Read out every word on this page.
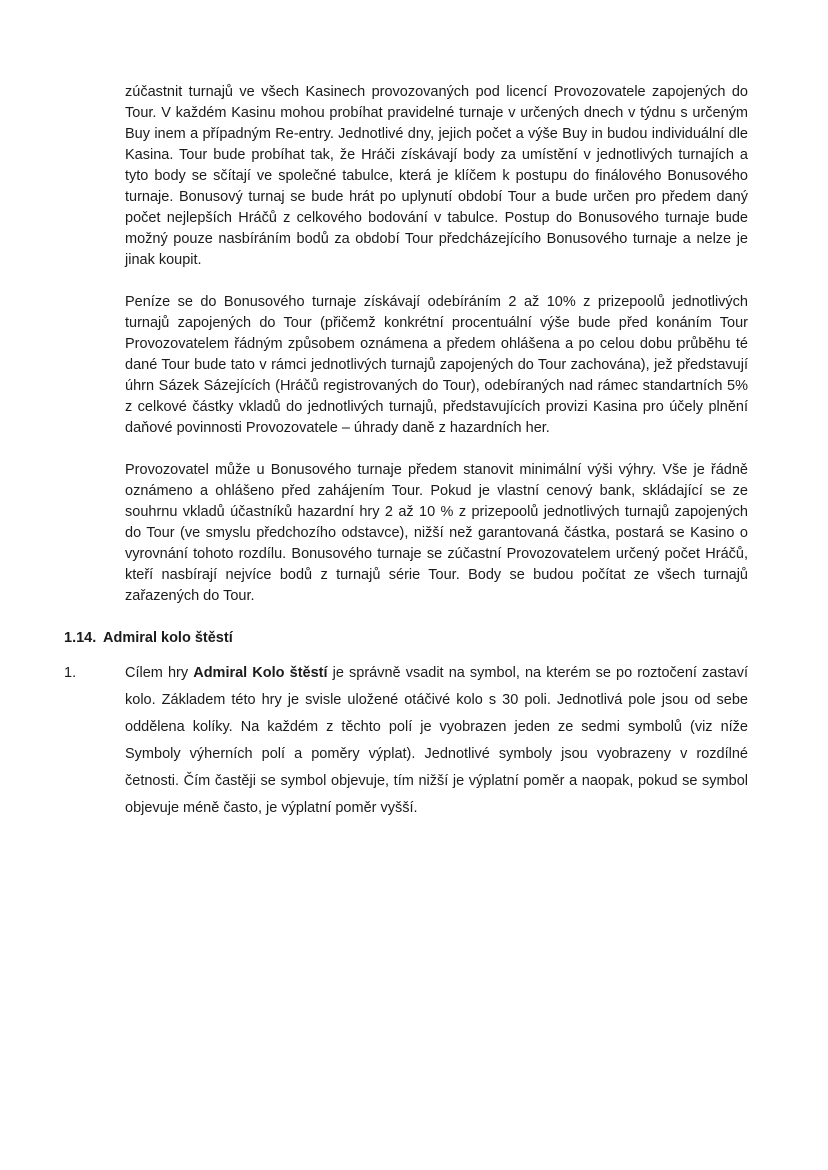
zúčastnit turnajů ve všech Kasinech provozovaných pod licencí Provozovatele zapojených do Tour. V každém Kasinu mohou probíhat pravidelné turnaje v určených dnech v týdnu s určeným Buy inem a případným Re-entry. Jednotlivé dny, jejich počet a výše Buy in budou individuální dle Kasina. Tour bude probíhat tak, že Hráči získávají body za umístění v jednotlivých turnajích a tyto body se sčítají ve společné tabulce, která je klíčem k postupu do finálového Bonusového turnaje. Bonusový turnaj se bude hrát po uplynutí období Tour a bude určen pro předem daný počet nejlepších Hráčů z celkového bodování v tabulce. Postup do Bonusového turnaje bude možný pouze nasbíráním bodů za období Tour předcházejícího Bonusového turnaje a nelze je jinak koupit.

Peníze se do Bonusového turnaje získávají odebíráním 2 až 10% z prizepoolů jednotlivých turnajů zapojených do Tour (přičemž konkrétní procentuální výše bude před konáním Tour Provozovatelem řádným způsobem oznámena a předem ohlášena a po celou dobu průběhu té dané Tour bude tato v rámci jednotlivých turnajů zapojených do Tour zachována), jež představují úhrn Sázek Sázejících (Hráčů registrovaných do Tour), odebíraných nad rámec standartních 5% z celkové částky vkladů do jednotlivých turnajů, představujících provizi Kasina pro účely plnění daňové povinnosti Provozovatele – úhrady daně z hazardních her.

Provozovatel může u Bonusového turnaje předem stanovit minimální výši výhry. Vše je řádně oznámeno a ohlášeno před zahájením Tour. Pokud je vlastní cenový bank, skládající se ze souhrnu vkladů účastníků hazardní hry 2 až 10 % z prizepoolů jednotlivých turnajů zapojených do Tour (ve smyslu předchozího odstavce), nižší než garantovaná částka, postará se Kasino o vyrovnání tohoto rozdílu. Bonusového turnaje se zúčastní Provozovatelem určený počet Hráčů, kteří nasbírají nejvíce bodů z turnajů série Tour. Body se budou počítat ze všech turnajů zařazených do Tour.

1.14. Admiral kolo štěstí
1.	Cílem hry Admiral Kolo štěstí je správně vsadit na symbol, na kterém se po roztočení zastaví kolo. Základem této hry je svisle uložené otáčivé kolo s 30 poli. Jednotlivá pole jsou od sebe oddělena kolíky. Na každém z těchto polí je vyobrazen jeden ze sedmi symbolů (viz níže Symboly výherních polí a poměry výplat). Jednotlivé symboly jsou vyobrazeny v rozdílné četnosti. Čím častěji se symbol objevuje, tím nižší je výplatní poměr a naopak, pokud se symbol objevuje méně často, je výplatní poměr vyšší.
